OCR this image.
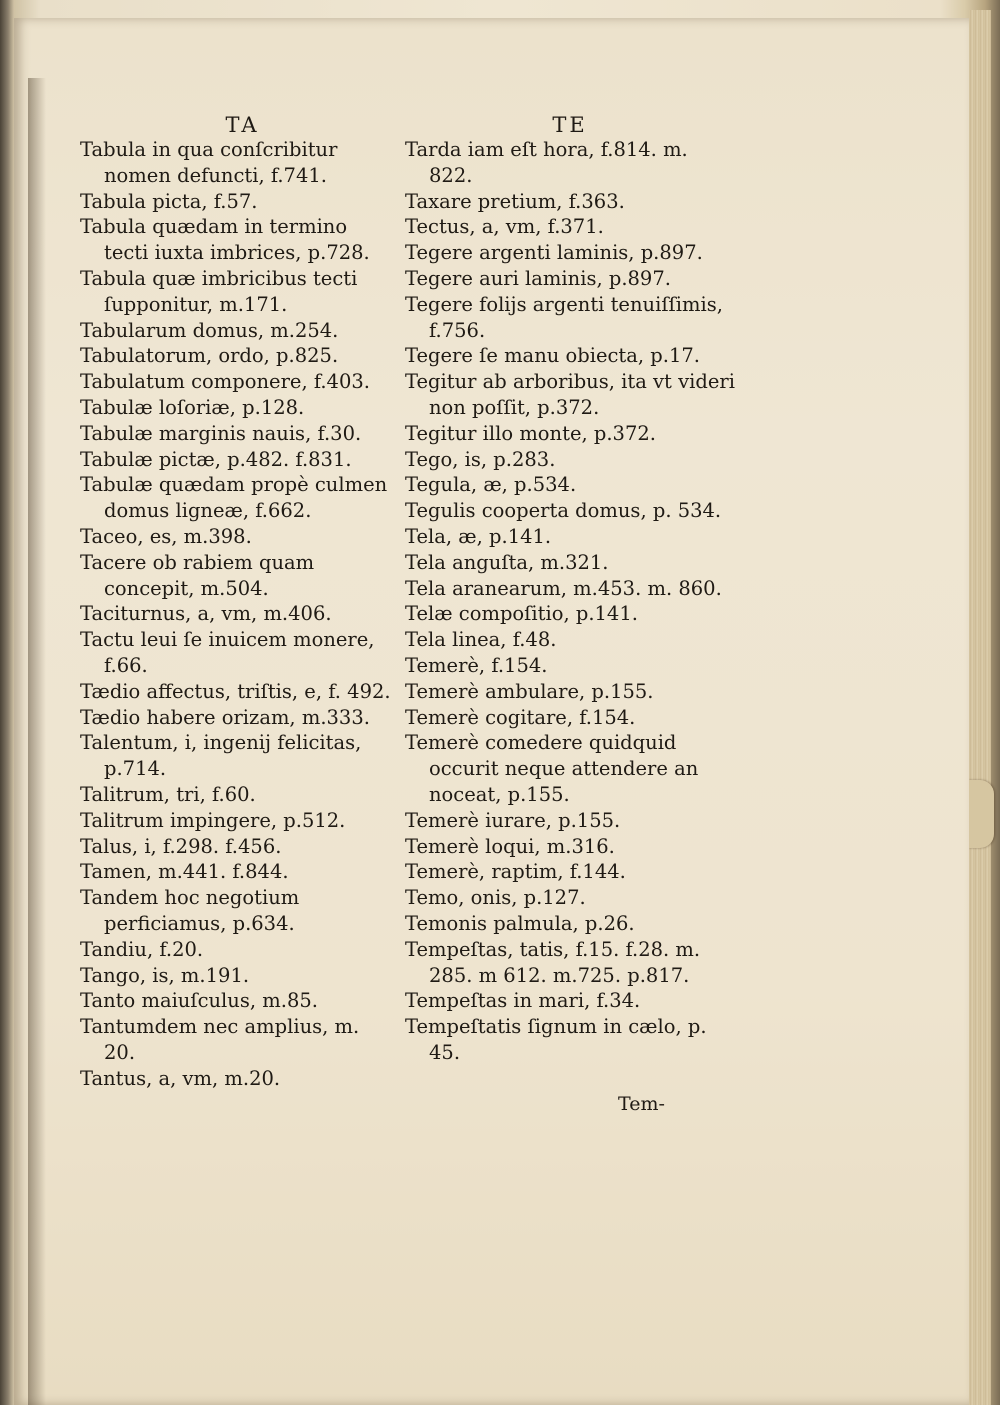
TA
Tabula in qua conſcribitur nomen defuncti, f.741.
Tabula picta, f.57.
Tabula quædam in termino tecti iuxta imbrices, p.728.
Tabula quæ imbricibus tecti ſupponitur, m.171.
Tabularum domus, m.254.
Tabulatorum, ordo, p.825.
Tabulatum componere, f.403.
Tabulæ loſoriæ, p.128.
Tabulæ marginis nauis, f.30.
Tabulæ pictæ, p.482. f.831.
Tabulæ quædam propè culmen domus ligneæ, f.662.
Taceo, es, m.398.
Tacere ob rabiem quam concepit, m.504.
Taciturnus, a, vm, m.406.
Tactu leui ſe inuicem monere, f.66.
Tædio affectus, triſtis, e, f. 492.
Tædio habere orizam, m.333.
Talentum, i, ingenij felicitas, p.714.
Talitrum, tri, f.60.
Talitrum impingere, p.512.
Talus, i, f.298. f.456.
Tamen, m.441. f.844.
Tandem hoc negotium perficiamus, p.634.
Tandiu, f.20.
Tango, is, m.191.
Tanto maiuſculus, m.85.
Tantumdem nec amplius, m. 20.
Tantus, a, vm, m.20.
TE
Tarda iam eſt hora, f.814. m. 822.
Taxare pretium, f.363.
Tectus, a, vm, f.371.
Tegere argenti laminis, p.897.
Tegere auri laminis, p.897.
Tegere folijs argenti tenuiſſimis, f.756.
Tegere ſe manu obiecta, p.17.
Tegitur ab arboribus, ita vt videri non poſſit, p.372.
Tegitur illo monte, p.372.
Tego, is, p.283.
Tegula, æ, p.534.
Tegulis cooperta domus, p. 534.
Tela, æ, p.141.
Tela anguſta, m.321.
Tela aranearum, m.453. m. 860.
Telæ compoſitio, p.141.
Tela linea, f.48.
Temerè, f.154.
Temerè ambulare, p.155.
Temerè cogitare, f.154.
Temerè comedere quidquid occurit neque attendere an noceat, p.155.
Temerè iurare, p.155.
Temerè loqui, m.316.
Temerè, raptim, f.144.
Temo, onis, p.127.
Temonis palmula, p.26.
Tempeſtas, tatis, f.15. f.28. m. 285. m 612. m.725. p.817.
Tempeſtas in mari, f.34.
Tempeſtatis ſignum in cælo, p. 45.
Tem-
